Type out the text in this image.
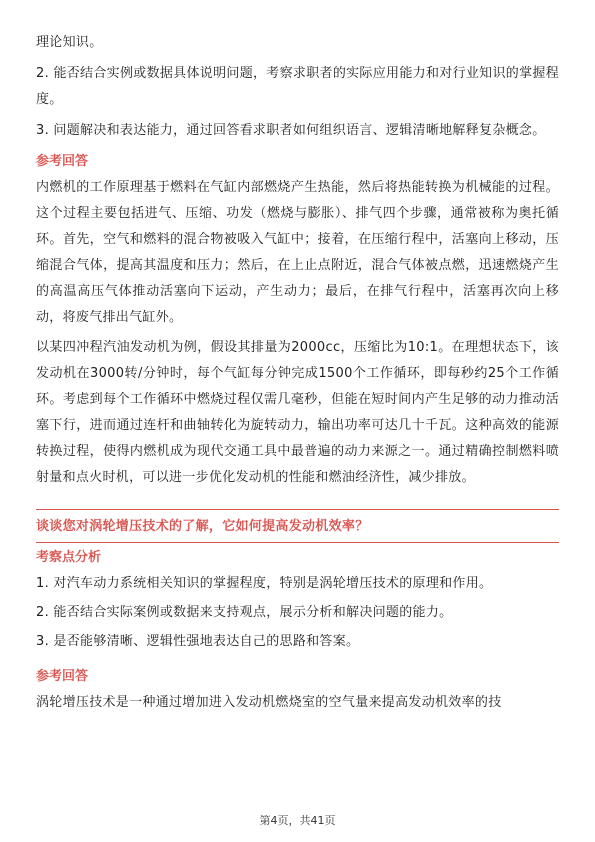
理论知识。

2. 能否结合实例或数据具体说明问题，考察求职者的实际应用能力和对行业知识的掌握程度。

3. 问题解决和表达能力，通过回答看求职者如何组织语言、逻辑清晰地解释复杂概念。

参考回答

内燃机的工作原理基于燃料在气缸内部燃烧产生热能，然后将热能转换为机械能的过程。这个过程主要包括进气、压缩、功发（燃烧与膨胀）、排气四个步骤，通常被称为奥托循环。首先，空气和燃料的混合物被吸入气缸中；接着，在压缩行程中，活塞向上移动，压缩混合气体，提高其温度和压力；然后，在上止点附近，混合气体被点燃，迅速燃烧产生的高温高压气体推动活塞向下运动，产生动力；最后，在排气行程中，活塞再次向上移动，将废气排出气缸外。

以某四冲程汽油发动机为例，假设其排量为2000cc，压缩比为10:1。在理想状态下，该发动机在3000转/分钟时，每个气缸每分钟完成1500个工作循环，即每秒约25个工作循环。考虑到每个工作循环中燃烧过程仅需几毫秒，但能在短时间内产生足够的动力推动活塞下行，进而通过连杆和曲轴转化为旋转动力，输出功率可达几十千瓦。这种高效的能源转换过程，使得内燃机成为现代交通工具中最普遍的动力来源之一。通过精确控制燃料喷射量和点火时机，可以进一步优化发动机的性能和燃油经济性，减少排放。

谈谈您对涡轮增压技术的了解，它如何提高发动机效率？

考察点分析

1. 对汽车动力系统相关知识的掌握程度，特别是涡轮增压技术的原理和作用。

2. 能否结合实际案例或数据来支持观点，展示分析和解决问题的能力。

3. 是否能够清晰、逻辑性强地表达自己的思路和答案。

参考回答

涡轮增压技术是一种通过增加进入发动机燃烧室的空气量来提高发动机效率的技

第4页，共41页
